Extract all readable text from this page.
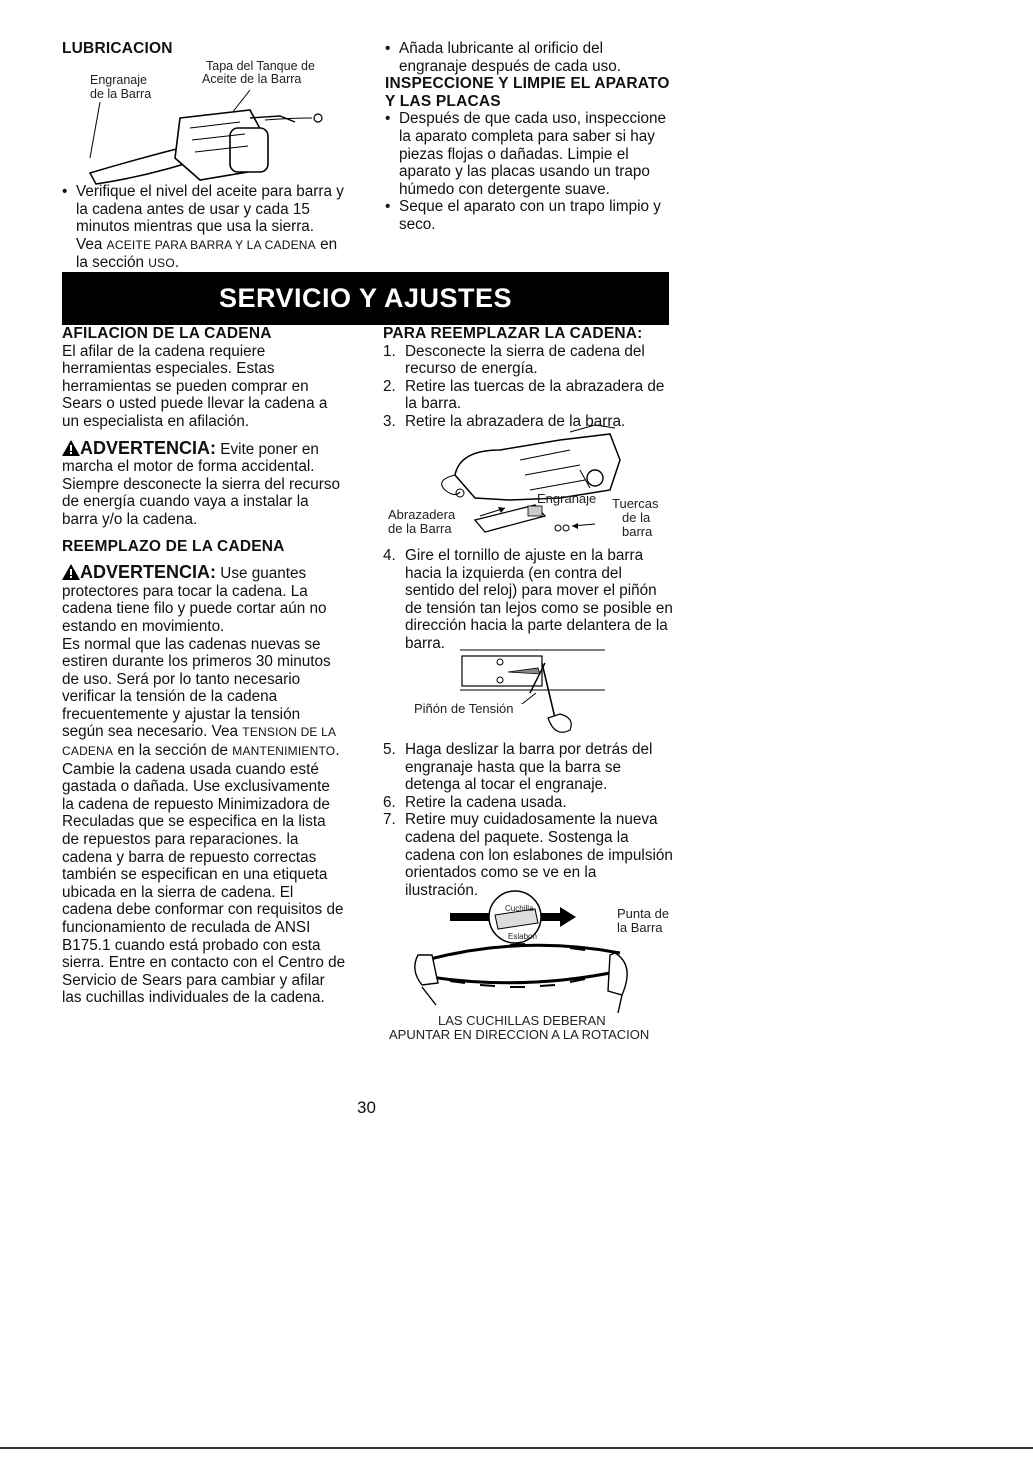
LUBRICACION

Engranaje
de la Barra
Tapa del Tanque de
Aceite de la Barra

• Verifique el nivel del aceite para barra y la cadena antes de usar y cada 15 minutos mientras que usa la sierra. Vea ACEITE PARA BARRA Y LA CADENA en la sección USO.

• Añada lubricante al orificio del engranaje después de cada uso.

INSPECCIONE Y LIMPIE EL APARATO Y LAS PLACAS

• Después de que cada uso, inspeccione la aparato completa para saber si hay piezas flojas o dañadas. Limpie el aparato y las placas usando un trapo húmedo con detergente suave.

• Seque el aparato con un trapo limpio y seco.

SERVICIO Y AJUSTES

AFILACION DE LA CADENA

El afilar de la cadena requiere herramientas especiales. Estas herramientas se pueden comprar en Sears o usted puede llevar la cadena a un especialista en afilación.

ADVERTENCIA: Evite poner en marcha el motor de forma accidental. Siempre desconecte la sierra del recurso de energía cuando vaya a instalar la barra y/o la cadena.

REEMPLAZO DE LA CADENA

ADVERTENCIA: Use guantes protectores para tocar la cadena. La cadena tiene filo y puede cortar aún no estando en movimiento.

Es normal que las cadenas nuevas se estiren durante los primeros 30 minutos de uso. Será por lo tanto necesario verificar la tensión de la cadena frecuentemente y ajustar la tensión según sea necesario. Vea TENSION DE LA CADENA en la sección de MANTENIMIENTO.

Cambie la cadena usada cuando esté gastada o dañada. Use exclusivamente la cadena de repuesto Minimizadora de Reculadas que se especifica en la lista de repuestos para reparaciones. la cadena y barra de repuesto correctas también se especifican en una etiqueta ubicada en la sierra de cadena. El cadena debe conformar con requisitos de funcionamiento de reculada de ANSI B175.1 cuando está probado con esta sierra. Entre en contacto con el Centro de Servicio de Sears para cambiar y afilar las cuchillas individuales de la cadena.

PARA REEMPLAZAR LA CADENA:

1. Desconecte la sierra de cadena del recurso de energía.

2. Retire las tuercas de la abrazadera de la barra.

3. Retire la abrazadera de la barra.

Engranaje Tuercas
de la
barra
Abrazadera
de la Barra

4. Gire el tornillo de ajuste en la barra hacia la izquierda (en contra del sentido del reloj) para mover el piñón de tensión tan lejos como se posible en dirección hacia la parte delantera de la barra.

Piñón de Tensión

5. Haga deslizar la barra por detrás del engranaje hasta que la barra se detenga al tocar el engranaje.

6. Retire la cadena usada.

7. Retire muy cuidadosamente la nueva cadena del paquete. Sostenga la cadena con lon eslabones de impulsión orientados como se ve en la ilustración.

Cuchilla
Eslabon
Punta de
la Barra
LAS CUCHILLAS DEBERAN
APUNTAR EN DIRECCION A LA ROTACION
30
